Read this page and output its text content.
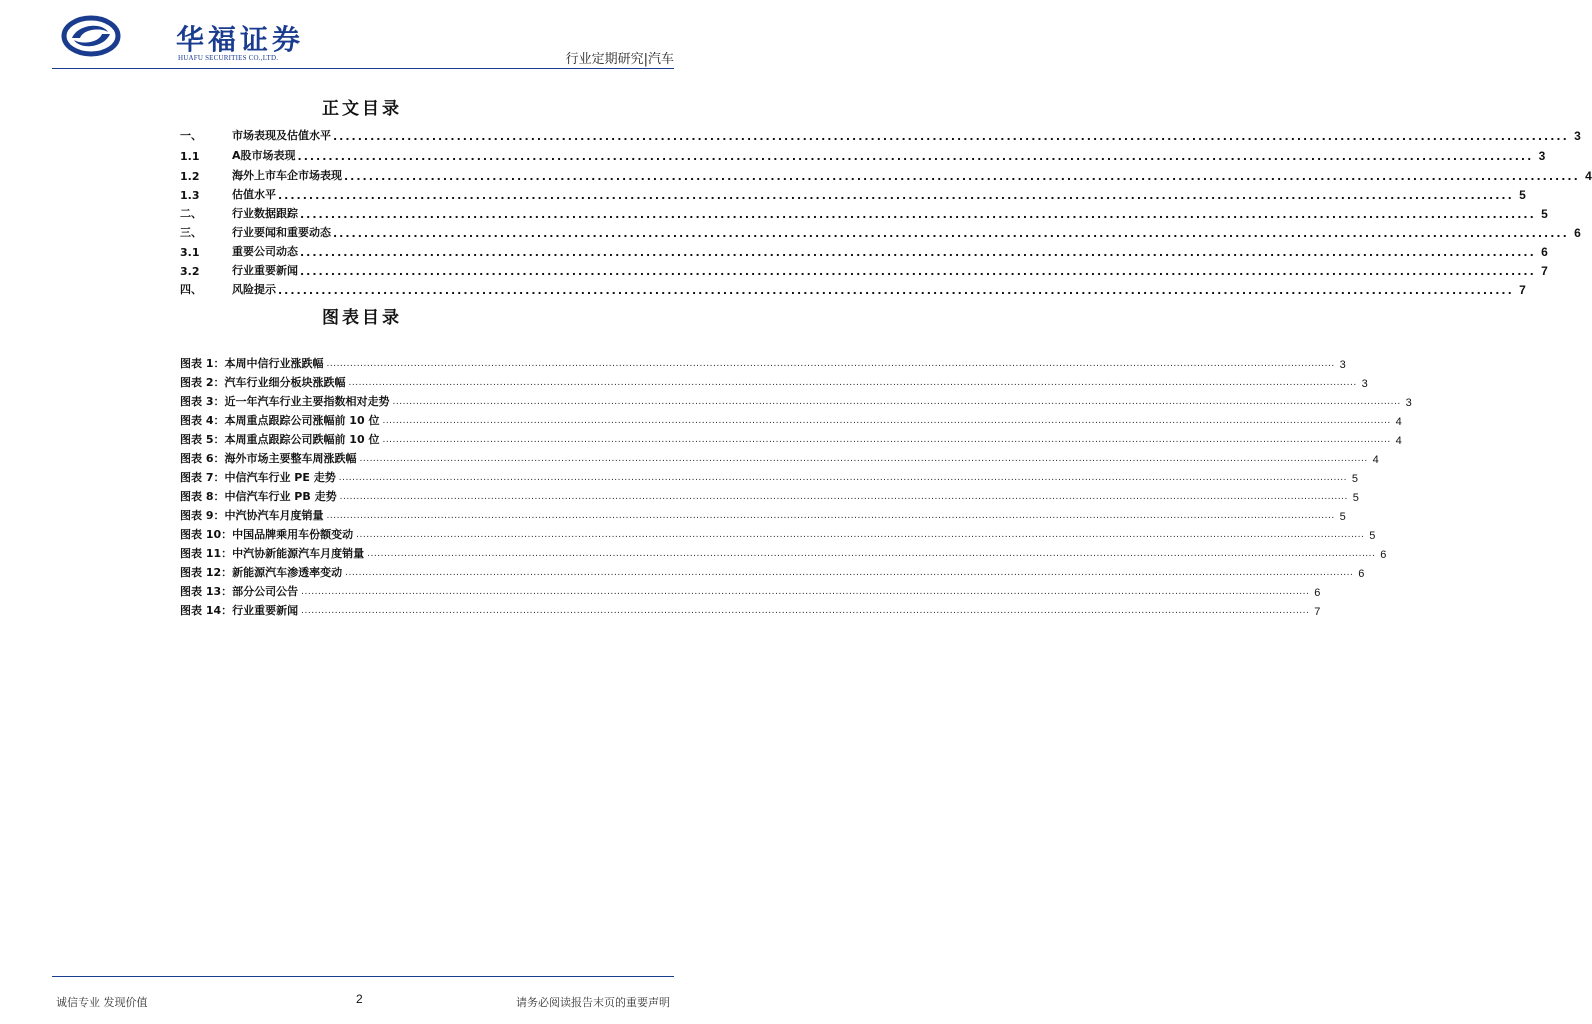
华福证券
HUAFU SECURITIES CO.,LTD.	行业定期研究|汽车
正文目录
一、	市场表现及估值水平 ........................................................................................................................................................................................................ 3
1.1	A股市场表现 ........................................................................................................................................................................................................ 3
1.2	海外上市车企市场表现 ........................................................................................................................................................................................................ 4
1.3	估值水平 ........................................................................................................................................................................................................ 5
二、	行业数据跟踪 ........................................................................................................................................................................................................ 5
三、	行业要闻和重要动态 ........................................................................................................................................................................................................ 6
3.1	重要公司动态 ........................................................................................................................................................................................................ 6
3.2	行业重要新闻 ........................................................................................................................................................................................................ 7
四、	风险提示 ........................................................................................................................................................................................................ 7
图表目录
图表 1：本周中信行业涨跌幅 ............................................................................................................................................................................................................................................................................................................ 3
图表 2：汽车行业细分板块涨跌幅 ............................................................................................................................................................................................................................................................................................................ 3
图表 3：近一年汽车行业主要指数相对走势 ............................................................................................................................................................................................................................................................................................................ 3
图表 4：本周重点跟踪公司涨幅前 10 位 ............................................................................................................................................................................................................................................................................................................ 4
图表 5：本周重点跟踪公司跌幅前 10 位 ............................................................................................................................................................................................................................................................................................................ 4
图表 6：海外市场主要整车周涨跌幅 ............................................................................................................................................................................................................................................................................................................ 4
图表 7：中信汽车行业 PE 走势 ............................................................................................................................................................................................................................................................................................................ 5
图表 8：中信汽车行业 PB 走势 ............................................................................................................................................................................................................................................................................................................ 5
图表 9：中汽协汽车月度销量 ............................................................................................................................................................................................................................................................................................................ 5
图表 10：中国品牌乘用车份额变动 ............................................................................................................................................................................................................................................................................................................ 5
图表 11：中汽协新能源汽车月度销量 ............................................................................................................................................................................................................................................................................................................ 6
图表 12：新能源汽车渗透率变动 ............................................................................................................................................................................................................................................................................................................ 6
图表 13：部分公司公告 ............................................................................................................................................................................................................................................................................................................ 6
图表 14：行业重要新闻 ............................................................................................................................................................................................................................................................................................................ 7
诚信专业 发现价值	2	请务必阅读报告末页的重要声明
